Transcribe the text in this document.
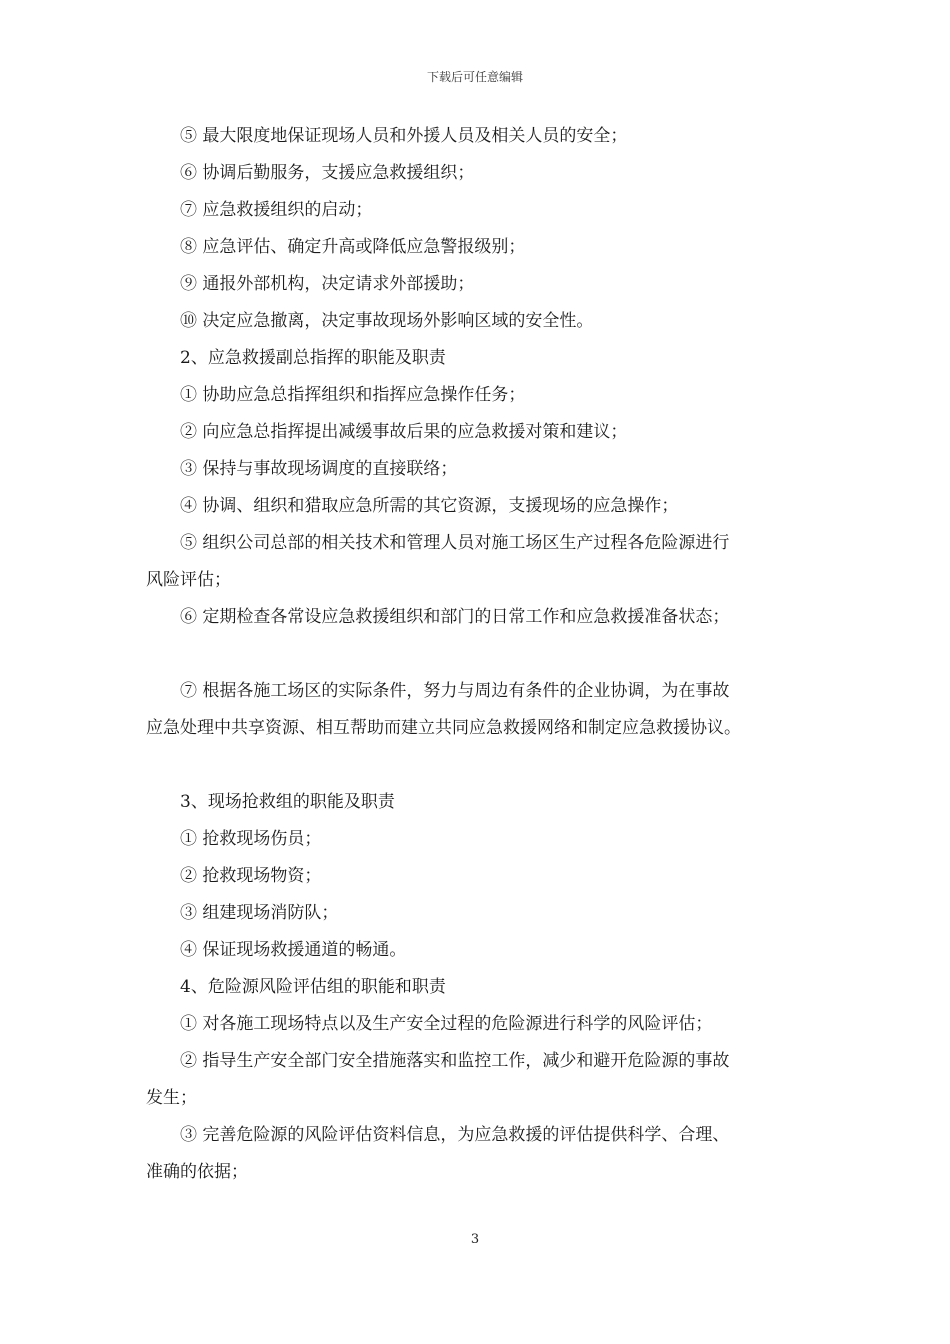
下载后可任意编辑
⑤ 最大限度地保证现场人员和外援人员及相关人员的安全；
⑥ 协调后勤服务，支援应急救援组织；
⑦ 应急救援组织的启动；
⑧ 应急评估、确定升高或降低应急警报级别；
⑨ 通报外部机构，决定请求外部援助；
⑩ 决定应急撤离，决定事故现场外影响区域的安全性。
2、应急救援副总指挥的职能及职责
① 协助应急总指挥组织和指挥应急操作任务；
② 向应急总指挥提出减缓事故后果的应急救援对策和建议；
③ 保持与事故现场调度的直接联络；
④ 协调、组织和猎取应急所需的其它资源，支援现场的应急操作；
⑤ 组织公司总部的相关技术和管理人员对施工场区生产过程各危险源进行
风险评估；
⑥ 定期检查各常设应急救援组织和部门的日常工作和应急救援准备状态；
⑦ 根据各施工场区的实际条件，努力与周边有条件的企业协调，为在事故
应急处理中共享资源、相互帮助而建立共同应急救援网络和制定应急救援协议。
3、现场抢救组的职能及职责
① 抢救现场伤员；
② 抢救现场物资；
③ 组建现场消防队；
④ 保证现场救援通道的畅通。
4、危险源风险评估组的职能和职责
① 对各施工现场特点以及生产安全过程的危险源进行科学的风险评估；
② 指导生产安全部门安全措施落实和监控工作，减少和避开危险源的事故
发生；
③ 完善危险源的风险评估资料信息，为应急救援的评估提供科学、合理、
准确的依据；
3
